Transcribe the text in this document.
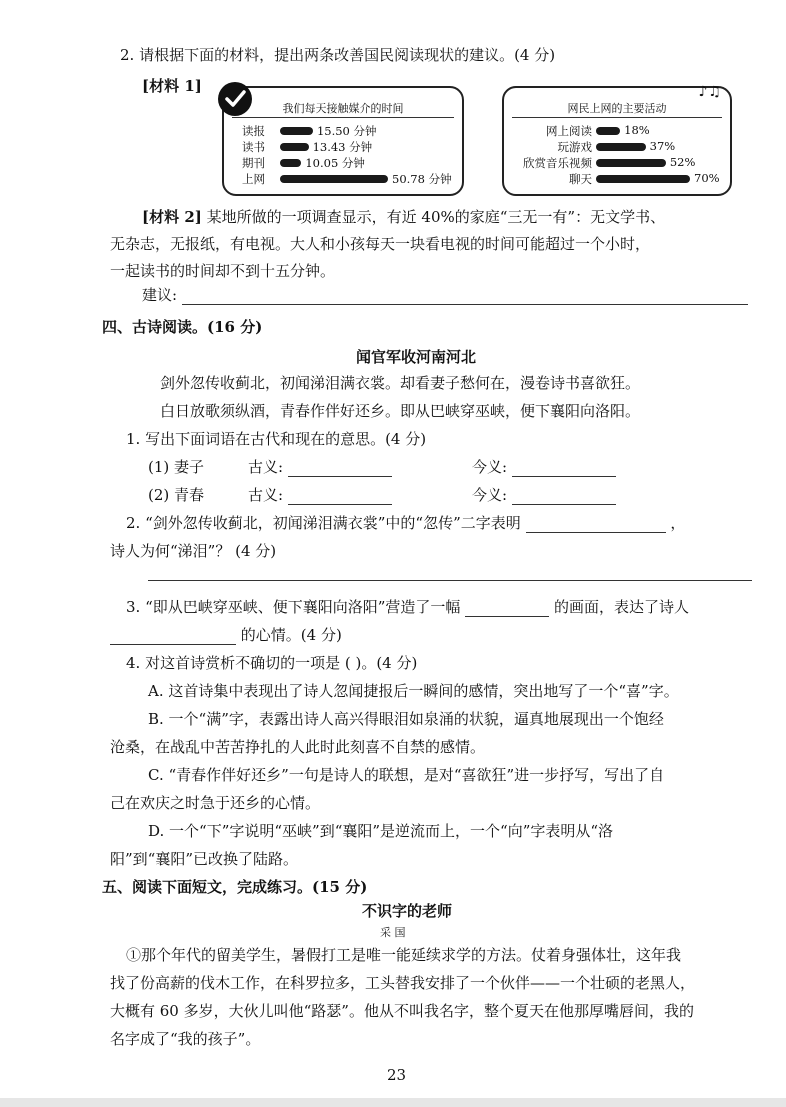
2. 请根据下面的材料，提出两条改善国民阅读现状的建议。(4 分)
[材料 1]
我们每天接触媒介的时间
读报	15.50 分钟
读书	13.43 分钟
期刊	10.05 分钟
上网	50.78 分钟
网民上网的主要活动
♪♫
网上阅读	18%
玩游戏	37%
欣赏音乐视频	52%
聊天	70%
[材料 2] 某地所做的一项调查显示，有近 40%的家庭“三无一有”：无文学书、
无杂志，无报纸，有电视。大人和小孩每天一块看电视的时间可能超过一个小时，
一起读书的时间却不到十五分钟。
建议:
四、古诗阅读。(16 分)
闻官军收河南河北
剑外忽传收蓟北，初闻涕泪满衣裳。却看妻子愁何在，漫卷诗书喜欲狂。
白日放歌须纵酒，青春作伴好还乡。即从巴峡穿巫峡，便下襄阳向洛阳。
1. 写出下面词语在古代和现在的意思。(4 分)
(1) 妻子	古义:	今义:
(2) 青春	古义:	今义:
2. “剑外忽传收蓟北，初闻涕泪满衣裳”中的“忽传”二字表明	，
诗人为何“涕泪”？ (4 分)
3. “即从巴峡穿巫峡、便下襄阳向洛阳”营造了一幅	的画面，表达了诗人
的心情。(4 分)
4. 对这首诗赏析不确切的一项是 ( )。(4 分)
A. 这首诗集中表现出了诗人忽闻捷报后一瞬间的感情，突出地写了一个“喜”字。
B. 一个“满”字，表露出诗人高兴得眼泪如泉涌的状貌，逼真地展现出一个饱经
沧桑，在战乱中苦苦挣扎的人此时此刻喜不自禁的感情。
C. “青春作伴好还乡”一句是诗人的联想，是对“喜欲狂”进一步抒写，写出了自
己在欢庆之时急于还乡的心情。
D. 一个“下”字说明“巫峡”到“襄阳”是逆流而上，一个“向”字表明从“洛
阳”到“襄阳”已改换了陆路。
五、阅读下面短文，完成练习。(15 分)
不识字的老师
采 国
①那个年代的留美学生，暑假打工是唯一能延续求学的方法。仗着身强体壮，这年我
找了份高薪的伐木工作，在科罗拉多，工头替我安排了一个伙伴——一个壮硕的老黑人，
大概有 60 多岁，大伙儿叫他“路瑟”。他从不叫我名字，整个夏天在他那厚嘴唇间，我的
名字成了“我的孩子”。
23
